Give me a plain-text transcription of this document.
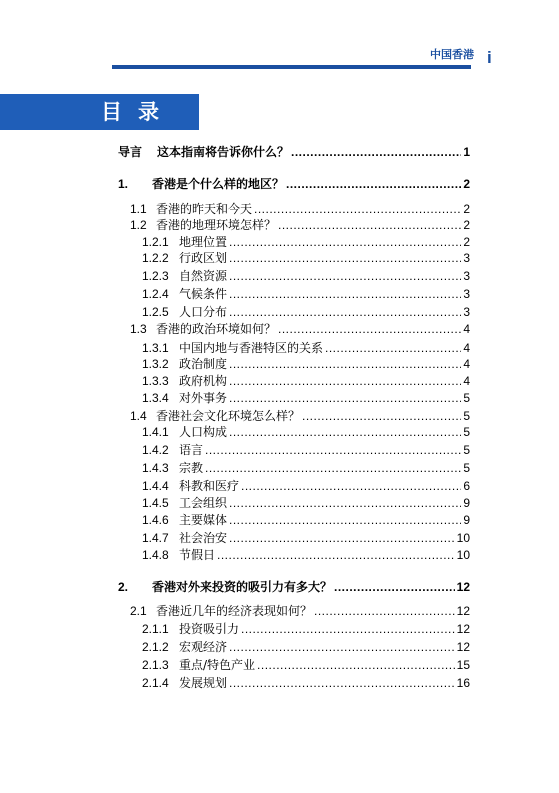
中国香港 i
目录
导言	这本指南将告诉你什么？ .....	1
1.	香港是个什么样的地区？ .....	2
1.1 香港的昨天和今天 .....	2
1.2 香港的地理环境怎样？ .....	2
1.2.1 地理位置 .....	2
1.2.2 行政区划 .....	3
1.2.3 自然资源 .....	3
1.2.4 气候条件 .....	3
1.2.5 人口分布 .....	3
1.3 香港的政治环境如何？ .....	4
1.3.1 中国内地与香港特区的关系 .....	4
1.3.2 政治制度 .....	4
1.3.3 政府机构 .....	4
1.3.4 对外事务 .....	5
1.4 香港社会文化环境怎么样？ .....	5
1.4.1 人口构成 .....	5
1.4.2 语言 .....	5
1.4.3 宗教 .....	5
1.4.4 科教和医疗 .....	6
1.4.5 工会组织 .....	9
1.4.6 主要媒体 .....	9
1.4.7 社会治安 .....	10
1.4.8 节假日 .....	10
2.	香港对外来投资的吸引力有多大？ .....	12
2.1 香港近几年的经济表现如何？ .....	12
2.1.1 投资吸引力 .....	12
2.1.2 宏观经济 .....	12
2.1.3 重点/特色产业 .....	15
2.1.4 发展规划 .....	16
